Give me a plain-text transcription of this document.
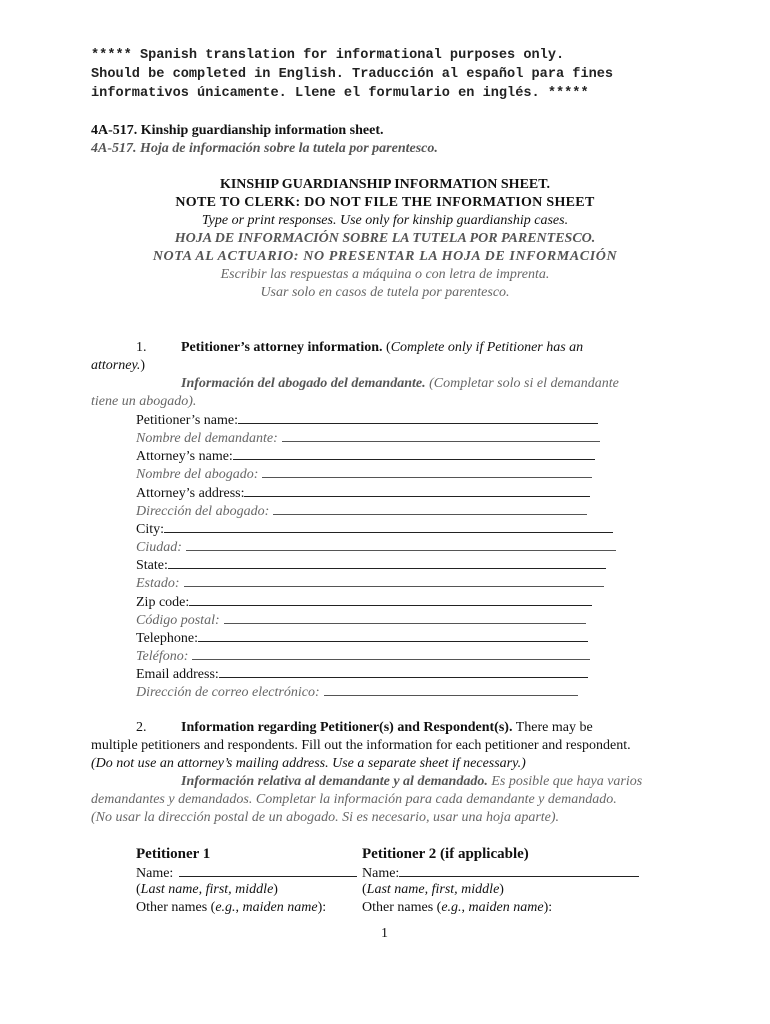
***** Spanish translation for informational purposes only.
Should be completed in English. Traducción al español para fines
informativos únicamente. Llene el formulario en inglés. *****
4A-517. Kinship guardianship information sheet.
4A-517. Hoja de información sobre la tutela por parentesco.
KINSHIP GUARDIANSHIP INFORMATION SHEET.
NOTE TO CLERK: DO NOT FILE THE INFORMATION SHEET
Type or print responses. Use only for kinship guardianship cases.
HOJA DE INFORMACIÓN SOBRE LA TUTELA POR PARENTESCO.
NOTA AL ACTUARIO: NO PRESENTAR LA HOJA DE INFORMACIÓN
Escribir las respuestas a máquina o con letra de imprenta.
Usar solo en casos de tutela por parentesco.
1. Petitioner’s attorney information. (Complete only if Petitioner has an
attorney.)
Información del abogado del demandante. (Completar solo si el demandante
tiene un abogado).
Petitioner’s name:
Nombre del demandante:
Attorney’s name:
Nombre del abogado:
Attorney’s address:
Dirección del abogado:
City:
Ciudad:
State:
Estado:
Zip code:
Código postal:
Telephone:
Teléfono:
Email address:
Dirección de correo electrónico:
2. Information regarding Petitioner(s) and Respondent(s). There may be
multiple petitioners and respondents. Fill out the information for each petitioner and respondent.
(Do not use an attorney’s mailing address. Use a separate sheet if necessary.)
Información relativa al demandante y al demandado. Es posible que haya varios
demandantes y demandados. Completar la información para cada demandante y demandado.
(No usar la dirección postal de un abogado. Si es necesario, usar una hoja aparte).
Petitioner 1
Name:
(Last name, first, middle)
Other names (e.g., maiden name):
Petitioner 2 (if applicable)
Name:
(Last name, first, middle)
Other names (e.g., maiden name):
1
